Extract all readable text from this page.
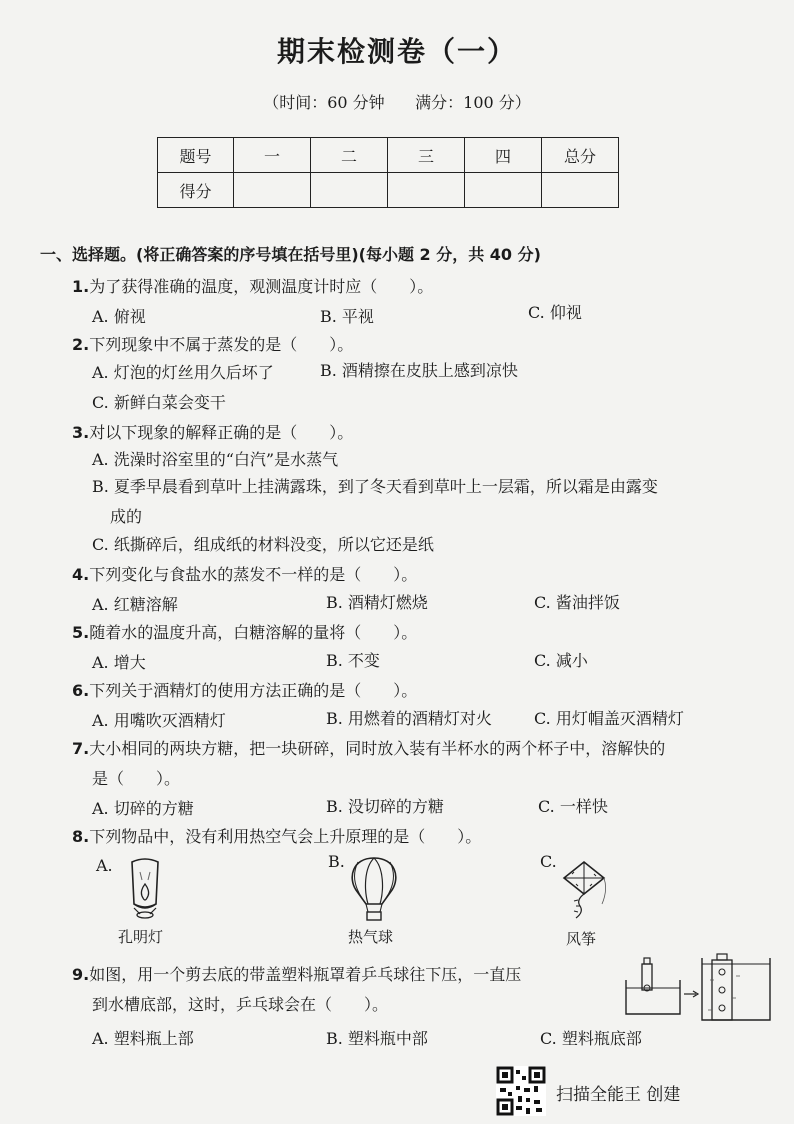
期末检测卷（一）
（时间：60 分钟      满分：100 分）
题号	一	二	三	四	总分
得分					
一、选择题。(将正确答案的序号填在括号里)(每小题 2 分，共 40 分)
1.为了获得准确的温度，观测温度计时应（　　）。
A. 俯视	B. 平视	C. 仰视
2.下列现象中不属于蒸发的是（　　）。
A. 灯泡的灯丝用久后坏了	B. 酒精擦在皮肤上感到凉快
C. 新鲜白菜会变干
3.对以下现象的解释正确的是（　　）。
A. 洗澡时浴室里的“白汽”是水蒸气
B. 夏季早晨看到草叶上挂满露珠，到了冬天看到草叶上一层霜，所以霜是由露变
成的
C. 纸撕碎后，组成纸的材料没变，所以它还是纸
4.下列变化与食盐水的蒸发不一样的是（　　）。
A. 红糖溶解	B. 酒精灯燃烧	C. 酱油拌饭
5.随着水的温度升高，白糖溶解的量将（　　）。
A. 增大	B. 不变	C. 减小
6.下列关于酒精灯的使用方法正确的是（　　）。
A. 用嘴吹灭酒精灯	B. 用燃着的酒精灯对火	C. 用灯帽盖灭酒精灯
7.大小相同的两块方糖，把一块研碎，同时放入装有半杯水的两个杯子中，溶解快的
是（　　）。
A. 切碎的方糖	B. 没切碎的方糖	C. 一样快
8.下列物品中，没有利用热空气会上升原理的是（　　）。
A.	B.	C.
孔明灯	热气球	风筝
9.如图，用一个剪去底的带盖塑料瓶罩着乒乓球往下压，一直压
到水槽底部，这时，乒乓球会在（　　）。
A. 塑料瓶上部	B. 塑料瓶中部	C. 塑料瓶底部
扫描全能王 创建
